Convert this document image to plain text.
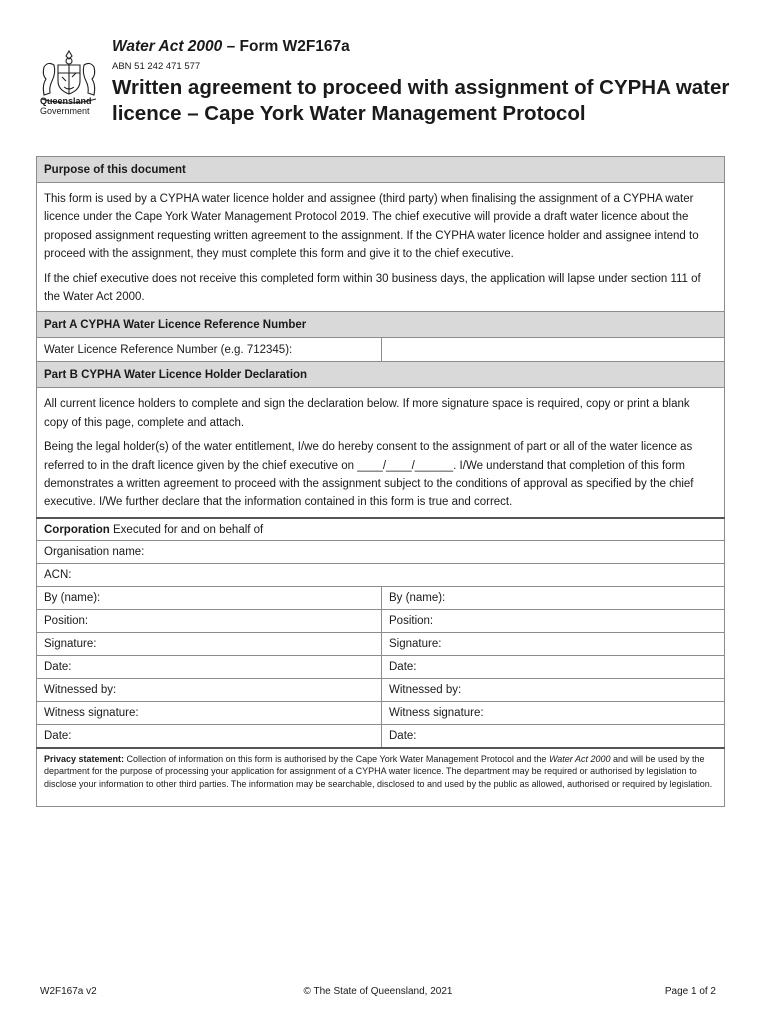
Queensland
Government
Water Act 2000 – Form W2F167a
ABN 51 242 471 577
Written agreement to proceed with assignment of CYPHA water licence – Cape York Water Management Protocol
Purpose of this document	

This form is used by a CYPHA water licence holder and assignee (third party) when finalising the assignment of a CYPHA water licence under the Cape York Water Management Protocol 2019. The chief executive will provide a draft water licence about the proposed assignment requesting written agreement to the assignment. If the CYPHA water licence holder and assignee intend to proceed with the assignment, they must complete this form and give it to the chief executive.

If the chief executive does not receive this completed form within 30 business days, the application will lapse under section 111 of the Water Act 2000.	

Part A CYPHA Water Licence Reference Number	
Water Licence Reference Number (e.g. 712345):	
Part B CYPHA Water Licence Holder Declaration	

All current licence holders to complete and sign the declaration below. If more signature space is required, copy or print a blank copy of this page, complete and attach.

Being the legal holder(s) of the water entitlement, I/we do hereby consent to the assignment of part or all of the water licence as referred to in the draft licence given by the chief executive on ____/____/______. I/We understand that completion of this form demonstrates a written agreement to proceed with the assignment subject to the conditions of approval as specified by the chief executive. I/We further declare that the information contained in this form is true and correct.	

Corporation Executed for and on behalf of	
Organisation name:	
ACN:	
By (name):	By (name):
Position:	Position:
Signature:	Signature:
Date:	Date:
Witnessed by:	Witnessed by:
Witness signature:	Witness signature:
Date:	Date:
Privacy statement: Collection of information on this form is authorised by the Cape York Water Management Protocol and the Water Act 2000 and will be used by the department for the purpose of processing your application for assignment of a CYPHA water licence. The department may be required or authorised by legislation to disclose your information to other third parties. The information may be searchable, disclosed to and used by the public as allowed, authorised or required by legislation.	
W2F167a v2	© The State of Queensland, 2021	Page 1 of 2
